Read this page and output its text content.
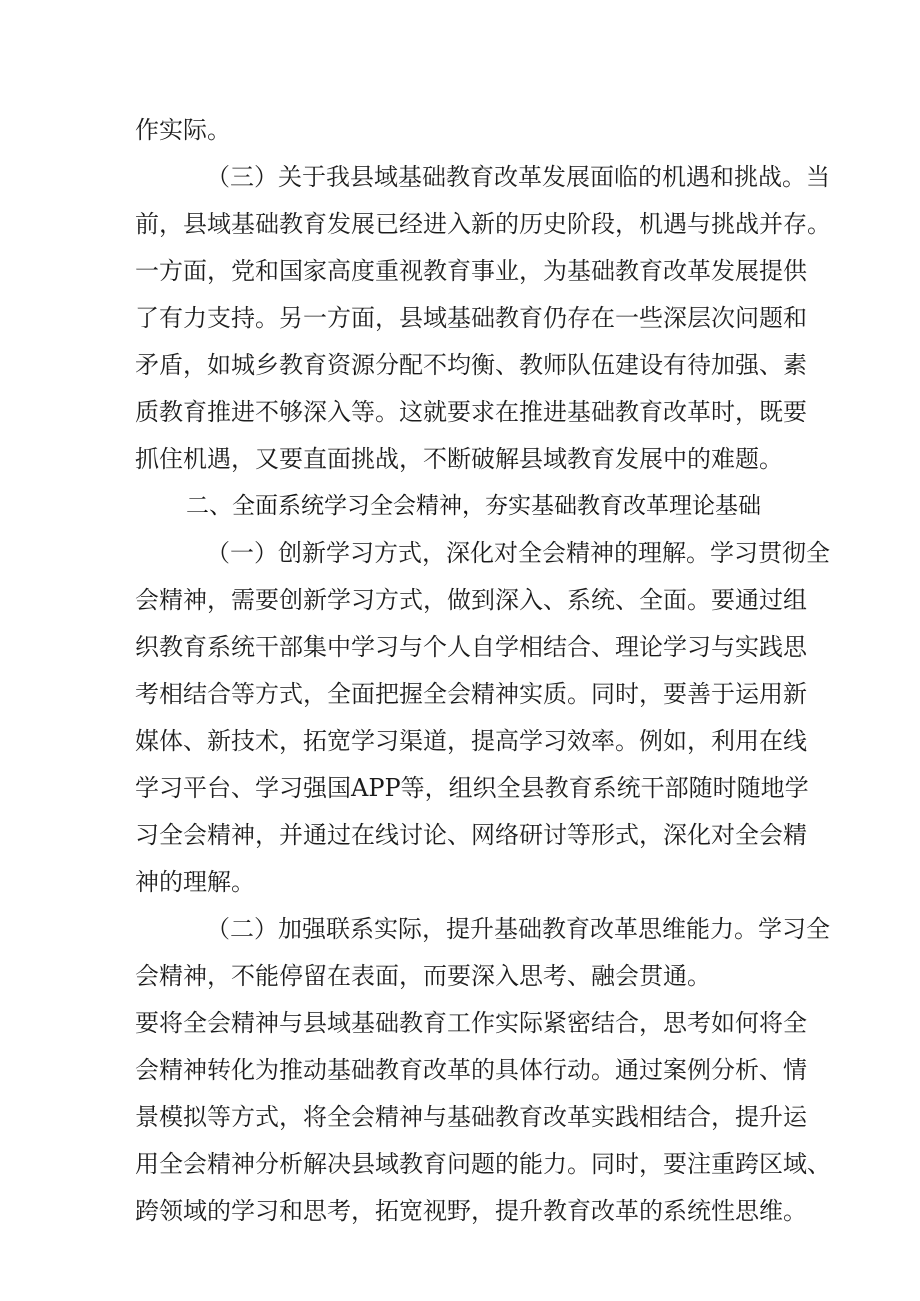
作实际。
（三）关于我县域基础教育改革发展面临的机遇和挑战。当
前，县域基础教育发展已经进入新的历史阶段，机遇与挑战并存。
一方面，党和国家高度重视教育事业，为基础教育改革发展提供
了有力支持。另一方面，县域基础教育仍存在一些深层次问题和
矛盾，如城乡教育资源分配不均衡、教师队伍建设有待加强、素
质教育推进不够深入等。这就要求在推进基础教育改革时，既要
抓住机遇，又要直面挑战，不断破解县域教育发展中的难题。
二、全面系统学习全会精神，夯实基础教育改革理论基础
（一）创新学习方式，深化对全会精神的理解。学习贯彻全
会精神，需要创新学习方式，做到深入、系统、全面。要通过组
织教育系统干部集中学习与个人自学相结合、理论学习与实践思
考相结合等方式，全面把握全会精神实质。同时，要善于运用新
媒体、新技术，拓宽学习渠道，提高学习效率。例如，利用在线
学习平台、学习强国APP等，组织全县教育系统干部随时随地学
习全会精神，并通过在线讨论、网络研讨等形式，深化对全会精
神的理解。
（二）加强联系实际，提升基础教育改革思维能力。学习全
会精神，不能停留在表面，而要深入思考、融会贯通。
要将全会精神与县域基础教育工作实际紧密结合，思考如何将全
会精神转化为推动基础教育改革的具体行动。通过案例分析、情
景模拟等方式，将全会精神与基础教育改革实践相结合，提升运
用全会精神分析解决县域教育问题的能力。同时，要注重跨区域、
跨领域的学习和思考，拓宽视野，提升教育改革的系统性思维。
